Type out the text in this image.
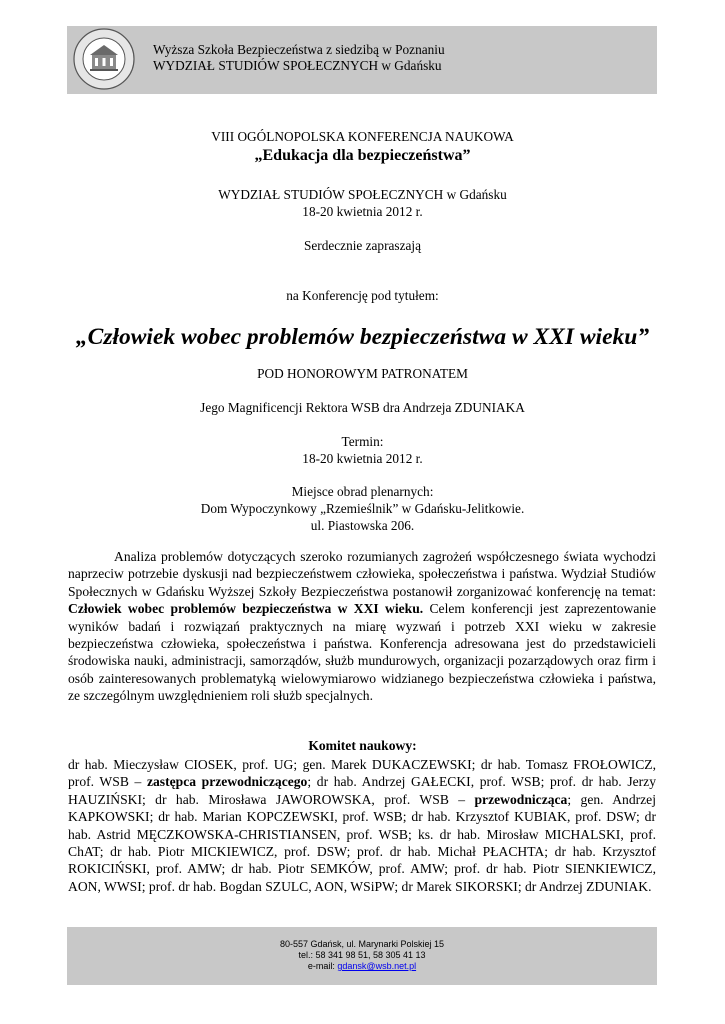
Wyższa Szkoła Bezpieczeństwa z siedzibą w Poznaniu
WYDZIAŁ STUDIÓW SPOŁECZNYCH w Gdańsku
VIII OGÓLNOPOLSKA KONFERENCJA NAUKOWA
„Edukacja dla bezpieczeństwa”
WYDZIAŁ STUDIÓW SPOŁECZNYCH w Gdańsku
18-20 kwietnia 2012 r.
Serdecznie zapraszają
na Konferencję pod tytułem:
„Człowiek wobec problemów bezpieczeństwa w XXI wieku”
POD HONOROWYM PATRONATEM
Jego Magnificencji Rektora WSB dra Andrzeja ZDUNIAKA
Termin:
18-20 kwietnia 2012 r.
Miejsce obrad plenarnych:
Dom Wypoczynkowy „Rzemieślnik” w Gdańsku-Jelitkowie.
ul. Piastowska 206.
Analiza problemów dotyczących szeroko rozumianych zagrożeń współczesnego świata wychodzi naprzeciw potrzebie dyskusji nad bezpieczeństwem człowieka, społeczeństwa i państwa. Wydział Studiów Społecznych w Gdańsku Wyższej Szkoły Bezpieczeństwa postanowił zorganizować konferencję na temat: Człowiek wobec problemów bezpieczeństwa w XXI wieku. Celem konferencji jest zaprezentowanie wyników badań i rozwiązań praktycznych na miarę wyzwań i potrzeb XXI wieku w zakresie bezpieczeństwa człowieka, społeczeństwa i państwa. Konferencja adresowana jest do przedstawicieli środowiska nauki, administracji, samorządów, służb mundurowych, organizacji pozarządowych oraz firm i osób zainteresowanych problematyką wielowymiarowo widzianego bezpieczeństwa człowieka i państwa, ze szczególnym uwzględnieniem roli służb specjalnych.
Komitet naukowy:
dr hab. Mieczysław CIOSEK, prof. UG; gen. Marek DUKACZEWSKI; dr hab. Tomasz FROŁOWICZ, prof. WSB – zastępca przewodniczącego; dr hab. Andrzej GAŁECKI, prof. WSB; prof. dr hab. Jerzy HAUZIŃSKI; dr hab. Mirosława JAWOROWSKA, prof. WSB – przewodnicząca; gen. Andrzej KAPKOWSKI; dr hab. Marian KOPCZEWSKI, prof. WSB; dr hab. Krzysztof KUBIAK, prof. DSW; dr hab. Astrid MĘCZKOWSKA-CHRISTIANSEN, prof. WSB; ks. dr hab. Mirosław MICHALSKI, prof. ChAT; dr hab. Piotr MICKIEWICZ, prof. DSW; prof. dr hab. Michał PŁACHTA; dr hab. Krzysztof ROKICIŃSKI, prof. AMW; dr hab. Piotr SEMKÓW, prof. AMW; prof. dr hab. Piotr SIENKIEWICZ, AON, WWSI; prof. dr hab. Bogdan SZULC, AON, WSiPW; dr Marek SIKORSKI; dr Andrzej ZDUNIAK.
80-557 Gdańsk, ul. Marynarki Polskiej 15
tel.: 58 341 98 51, 58 305 41 13
e-mail: gdansk@wsb.net.pl
